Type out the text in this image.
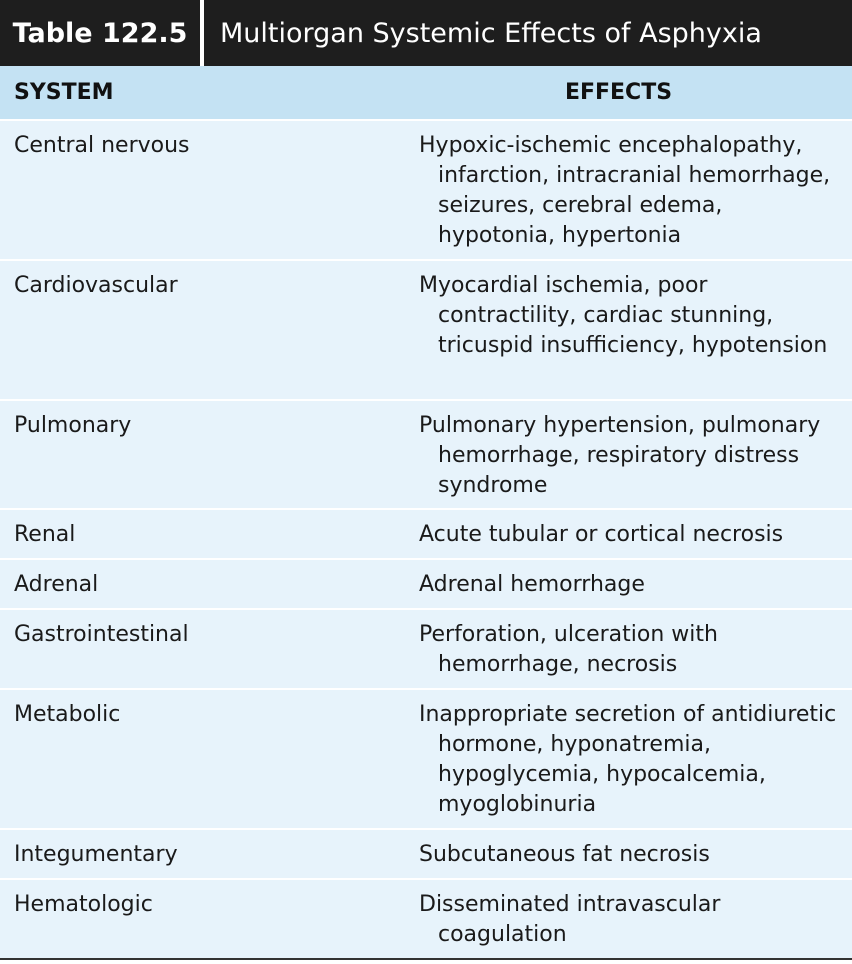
Table 122.5	Multiorgan Systemic Effects of Asphyxia
SYSTEM	EFFECTS
Central nervous	Hypoxic-ischemic encephalopathy, infarction, intracranial hemorrhage, seizures, cerebral edema, hypotonia, hypertonia
Cardiovascular	Myocardial ischemia, poor contractility, cardiac stunning, tricuspid insufficiency, hypotension
Pulmonary	Pulmonary hypertension, pulmonary hemorrhage, respiratory distress syndrome
Renal	Acute tubular or cortical necrosis
Adrenal	Adrenal hemorrhage
Gastrointestinal	Perforation, ulceration with hemorrhage, necrosis
Metabolic	Inappropriate secretion of antidiuretic hormone, hyponatremia, hypoglycemia, hypocalcemia, myoglobinuria
Integumentary	Subcutaneous fat necrosis
Hematologic	Disseminated intravascular coagulation
